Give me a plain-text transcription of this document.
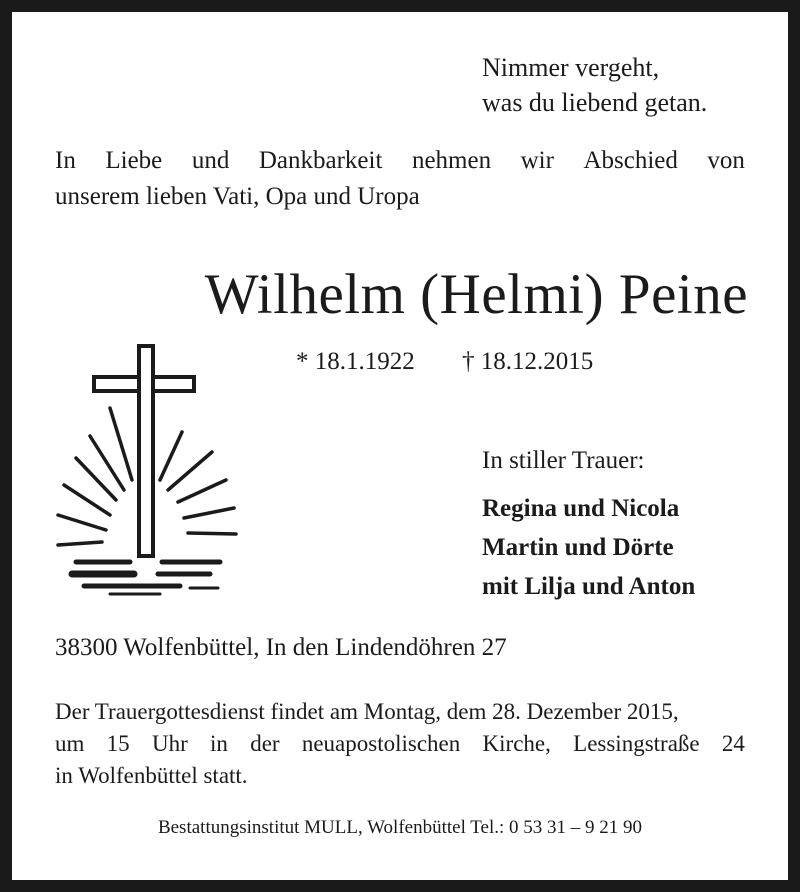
Nimmer vergeht,
was du liebend getan.
In Liebe und Dankbarkeit nehmen wir Abschied von
unserem lieben Vati, Opa und Uropa
Wilhelm (Helmi) Peine
* 18.1.1922 † 18.12.2015
In stiller Trauer:
Regina und Nicola
Martin und Dörte
mit Lilja und Anton
38300 Wolfenbüttel, In den Lindendöhren 27
Der Trauergottesdienst findet am Montag, dem 28. Dezember 2015,
um 15 Uhr in der neuapostolischen Kirche, Lessingstraße 24
in Wolfenbüttel statt.
Bestattungsinstitut MULL, Wolfenbüttel Tel.: 0 53 31 – 9 21 90
